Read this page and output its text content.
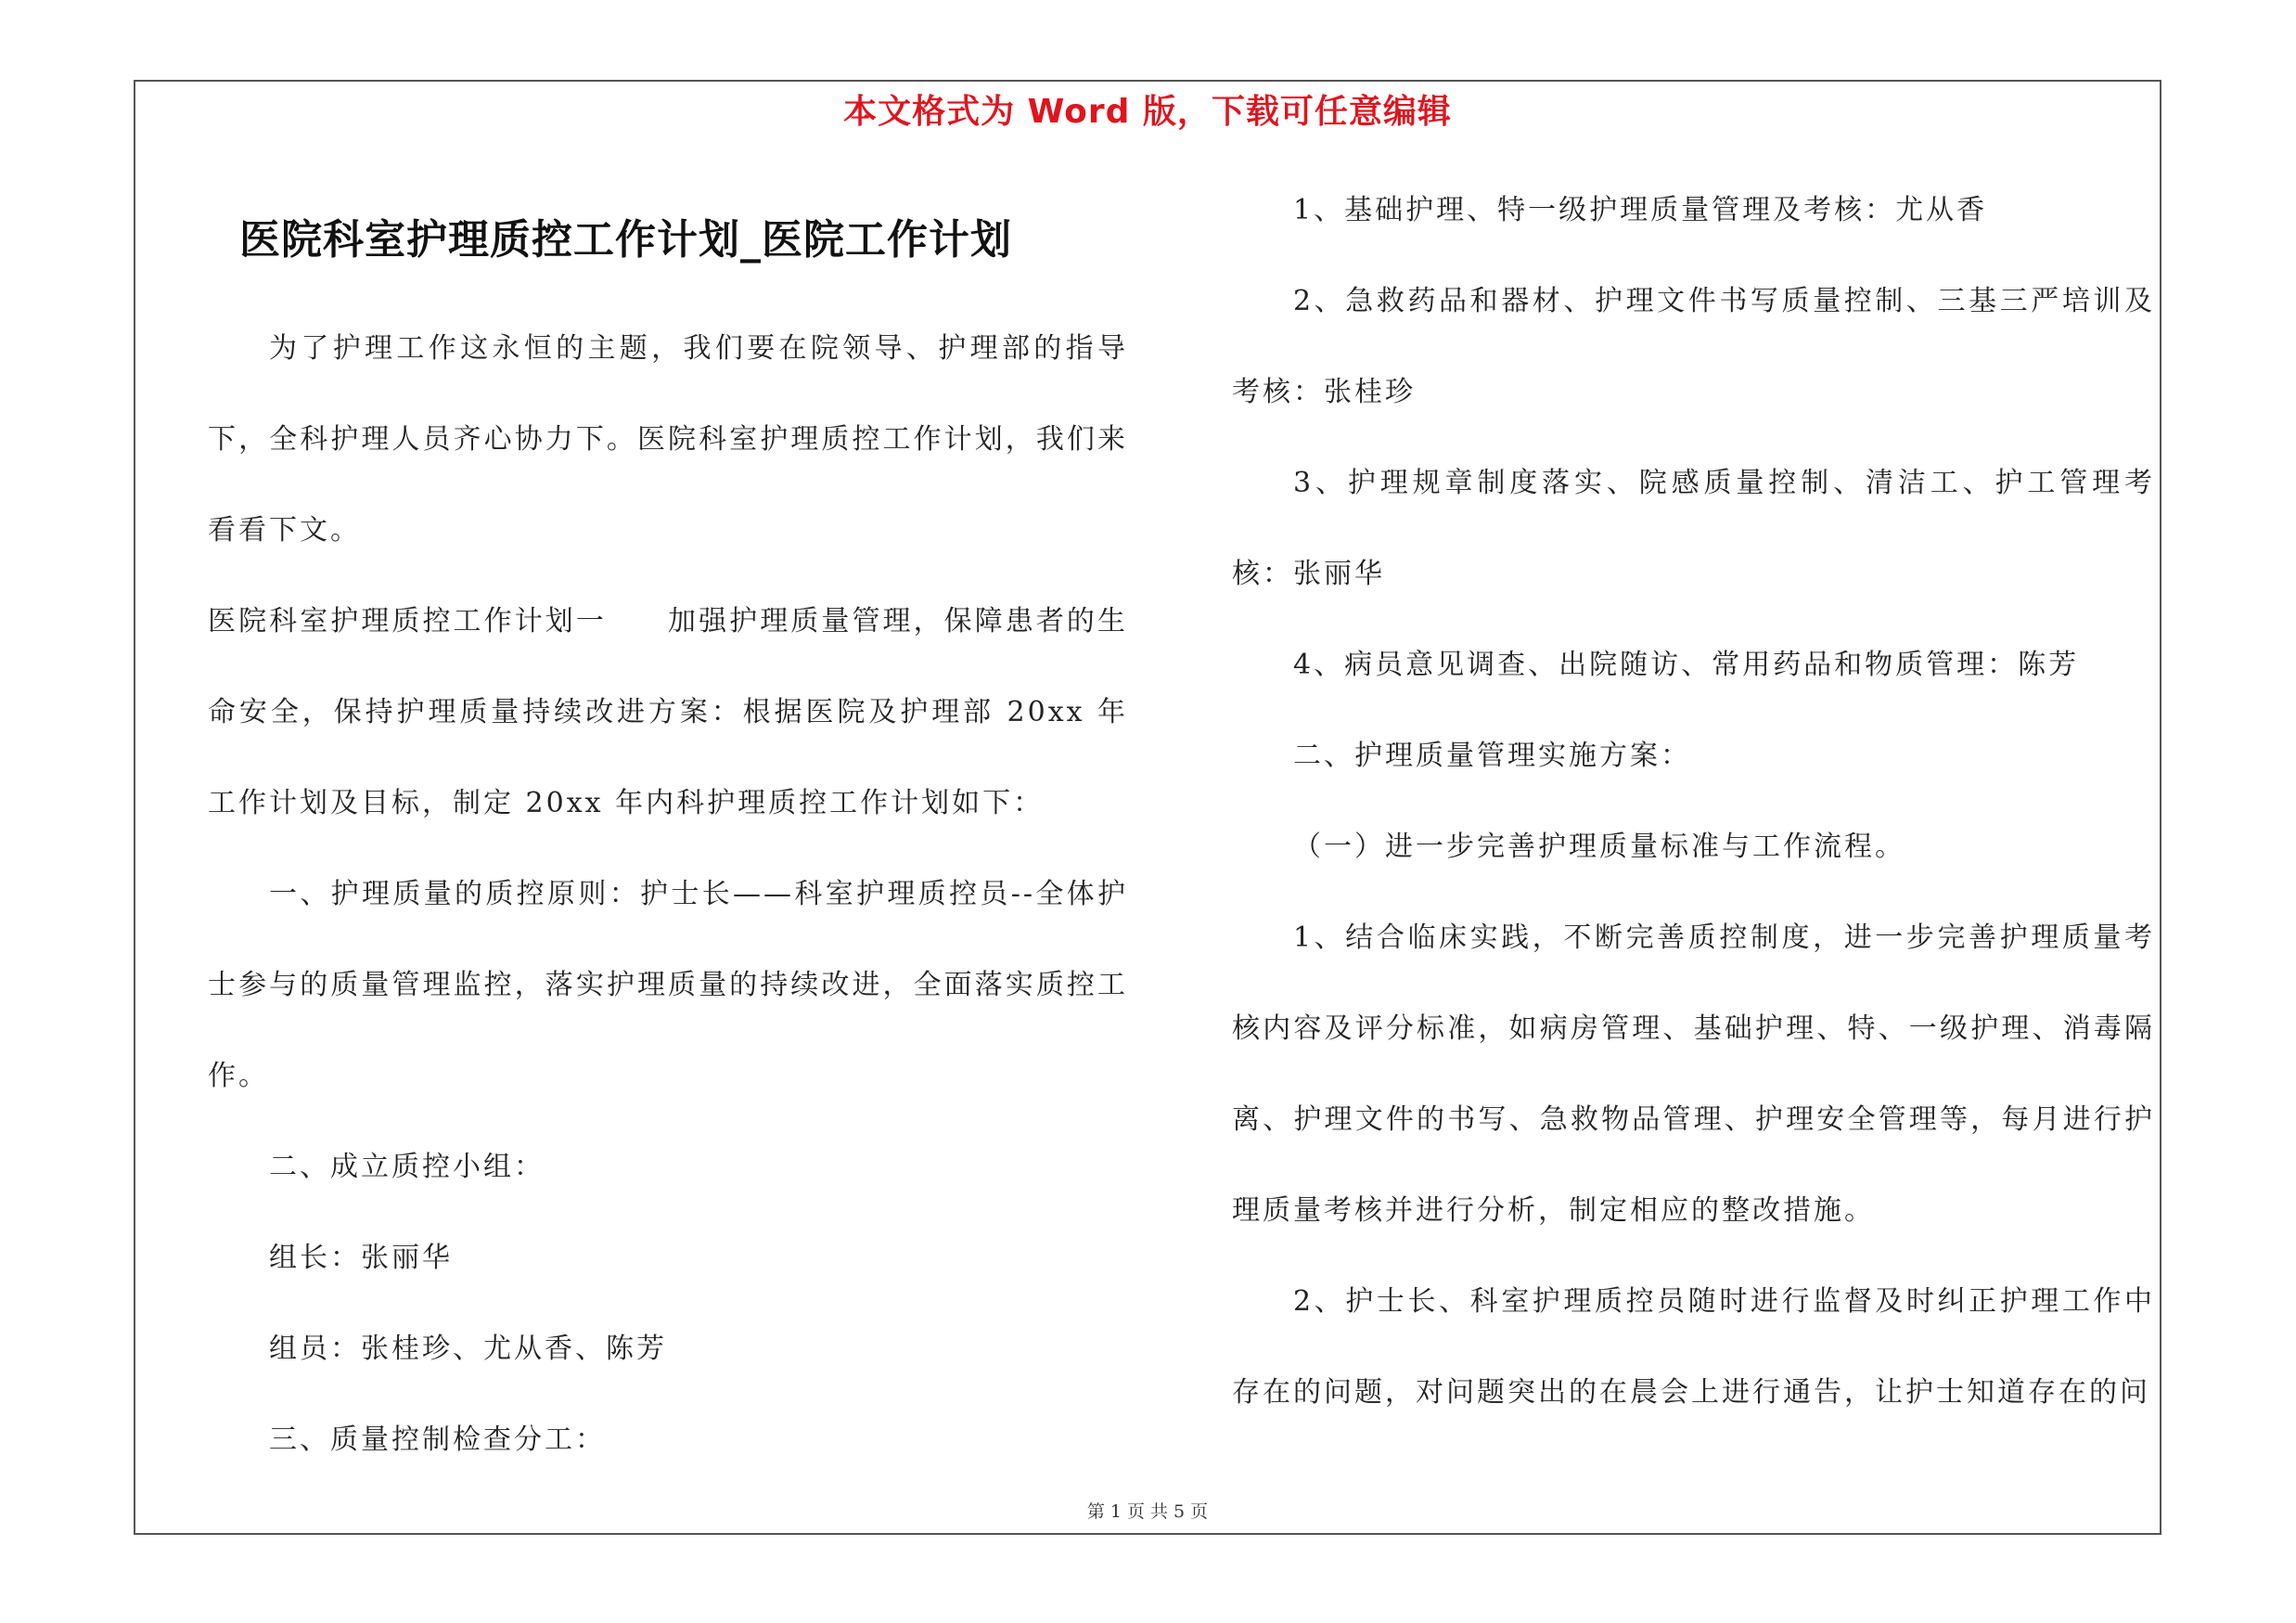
本文格式为 Word 版，下载可任意编辑
医院科室护理质控工作计划_医院工作计划

为了护理工作这永恒的主题，我们要在院领导、护理部的指导下，全科护理人员齐心协力下。医院科室护理质控工作计划，我们来看看下文。

医院科室护理质控工作计划一　　加强护理质量管理，保障患者的生命安全，保持护理质量持续改进方案：根据医院及护理部 20xx 年工作计划及目标，制定 20xx 年内科护理质控工作计划如下：

一、护理质量的质控原则：护士长——科室护理质控员--全体护士参与的质量管理监控，落实护理质量的持续改进，全面落实质控工作。

二、成立质控小组：

组长：张丽华

组员：张桂珍、尤从香、陈芳

三、质量控制检查分工：

1、基础护理、特一级护理质量管理及考核：尤从香

2、急救药品和器材、护理文件书写质量控制、三基三严培训及考核：张桂珍

3、护理规章制度落实、院感质量控制、清洁工、护工管理考核：张丽华

4、病员意见调查、出院随访、常用药品和物质管理：陈芳

二、护理质量管理实施方案：

（一）进一步完善护理质量标准与工作流程。

1、结合临床实践，不断完善质控制度，进一步完善护理质量考核内容及评分标准，如病房管理、基础护理、特、一级护理、消毒隔离、护理文件的书写、急救物品管理、护理安全管理等，每月进行护理质量考核并进行分析，制定相应的整改措施。

2、护士长、科室护理质控员随时进行监督及时纠正护理工作中存在的问题，对问题突出的在晨会上进行通告，让护士知道存在的问

第 1 页 共 5 页
